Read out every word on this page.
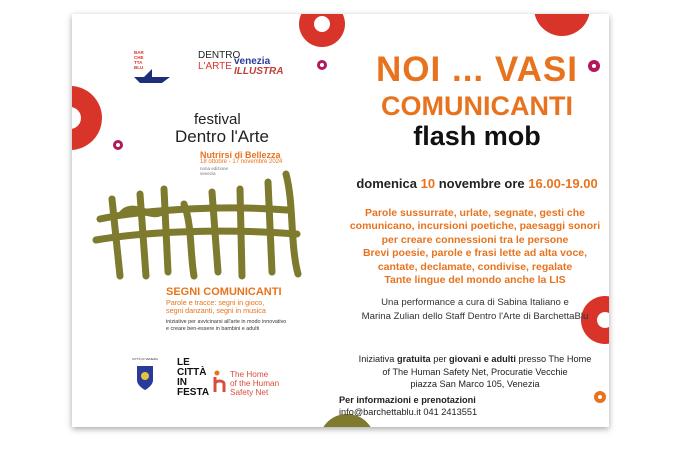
BAR
CHE
TTA
BLU
DENTRO
L'ARTE venezia
ILLUSTRA
festival
Dentro l'Arte
Nutrirsi di Bellezza
18 ottobre - 17 novembre 2024
nona edizione
venezia
SEGNI COMUNICANTI
Parole e tracce: segni in gioco,
segni danzanti, segni in musica
iniziative per avvicinarsi all'arte in modo innovativo
e creare ben-essere in bambini e adulti
CITTÀ DI VENEZIA LE
CITTÀ
IN
FESTA
The Home
of the Human
Safety Net
NOI ... VASI
COMUNICANTI
flash mob
domenica 10 novembre ore 16.00-19.00
Parole sussurrate, urlate, segnate, gesti che
comunicano, incursioni poetiche, paesaggi sonori
per creare connessioni tra le persone
Brevi poesie, parole e frasi lette ad alta voce,
cantate, declamate, condivise, regalate
Tante lingue del mondo anche la LIS
Una performance a cura di Sabina Italiano e
Marina Zulian dello Staff Dentro l'Arte di BarchettaBlu
Iniziativa gratuita per giovani e adulti presso The Home
of The Human Safety Net, Procuratie Vecchie
piazza San Marco 105, Venezia
Per informazioni e prenotazioni
info@barchettablu.it 041 2413551
